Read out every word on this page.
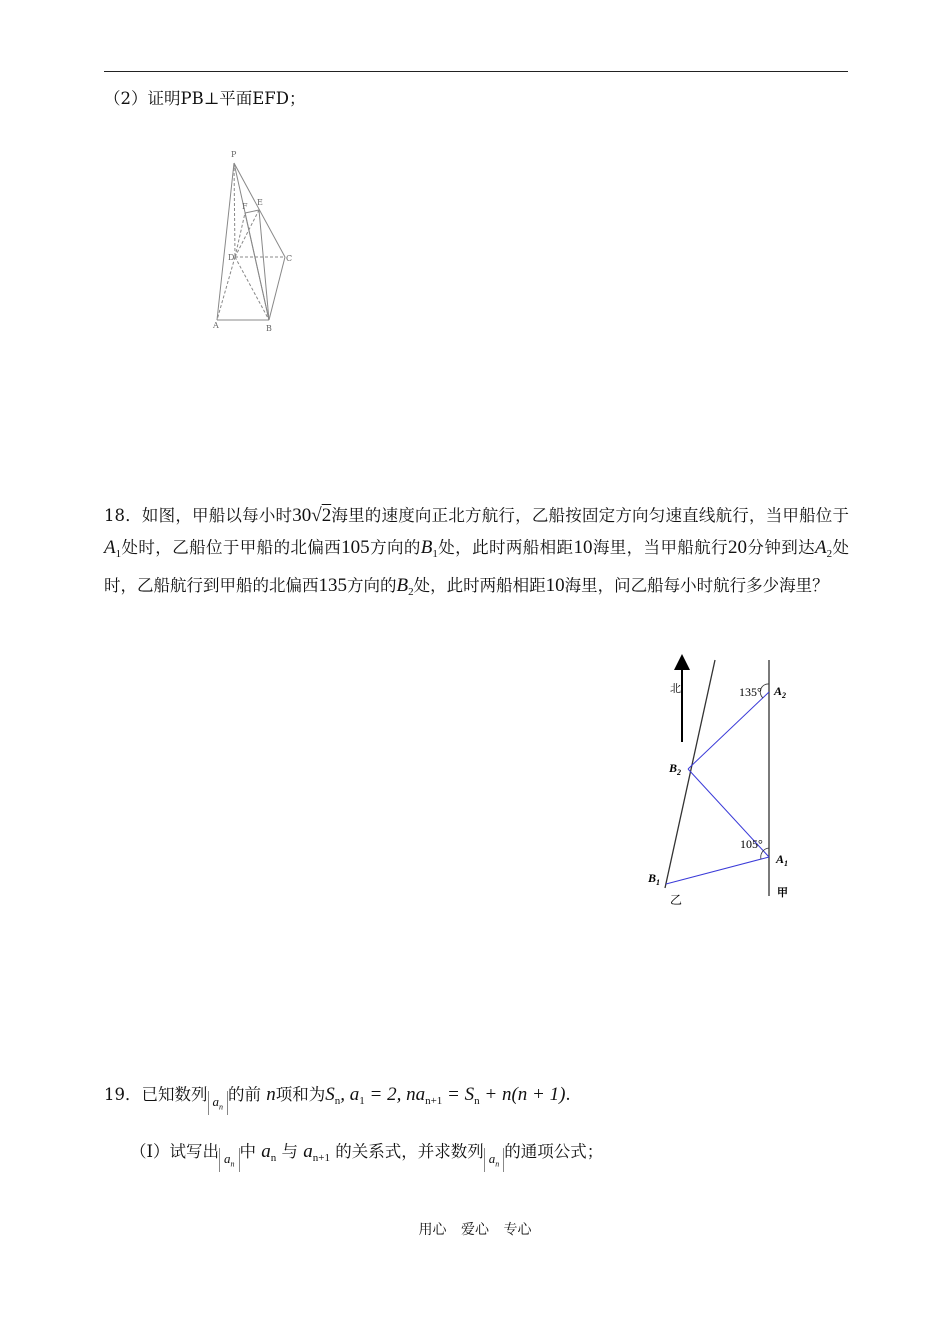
（2）证明PB⊥平面EFD；
P
E
F
D	C
A	B
18．如图，甲船以每小时30√2海里的速度向正北方航行，乙船按固定方向匀速直线航行，当甲船位于$A_1$处时，乙船位于甲船的北偏西105方向的$B_1$处，此时两船相距10海里，当甲船航行20分钟到达$A_2$处时，乙船航行到甲船的北偏西135方向的$B_2$处，此时两船相距10海里，问乙船每小时航行多少海里？
北	135°
105°
$A_2$
$A_1$
$B_2$
$B_1$
乙
甲
19．已知数列 $a_n$的前 n项和为$S_n$, $a_1 = 2$, $na_{n+1} = S_n + n(n + 1)$.
（Ⅰ）试写出 $a_n$中 $a_n$ 与 $a_{n+1}$ 的关系式，并求数列 $a_n$的通项公式；
用心 爱心 专心
